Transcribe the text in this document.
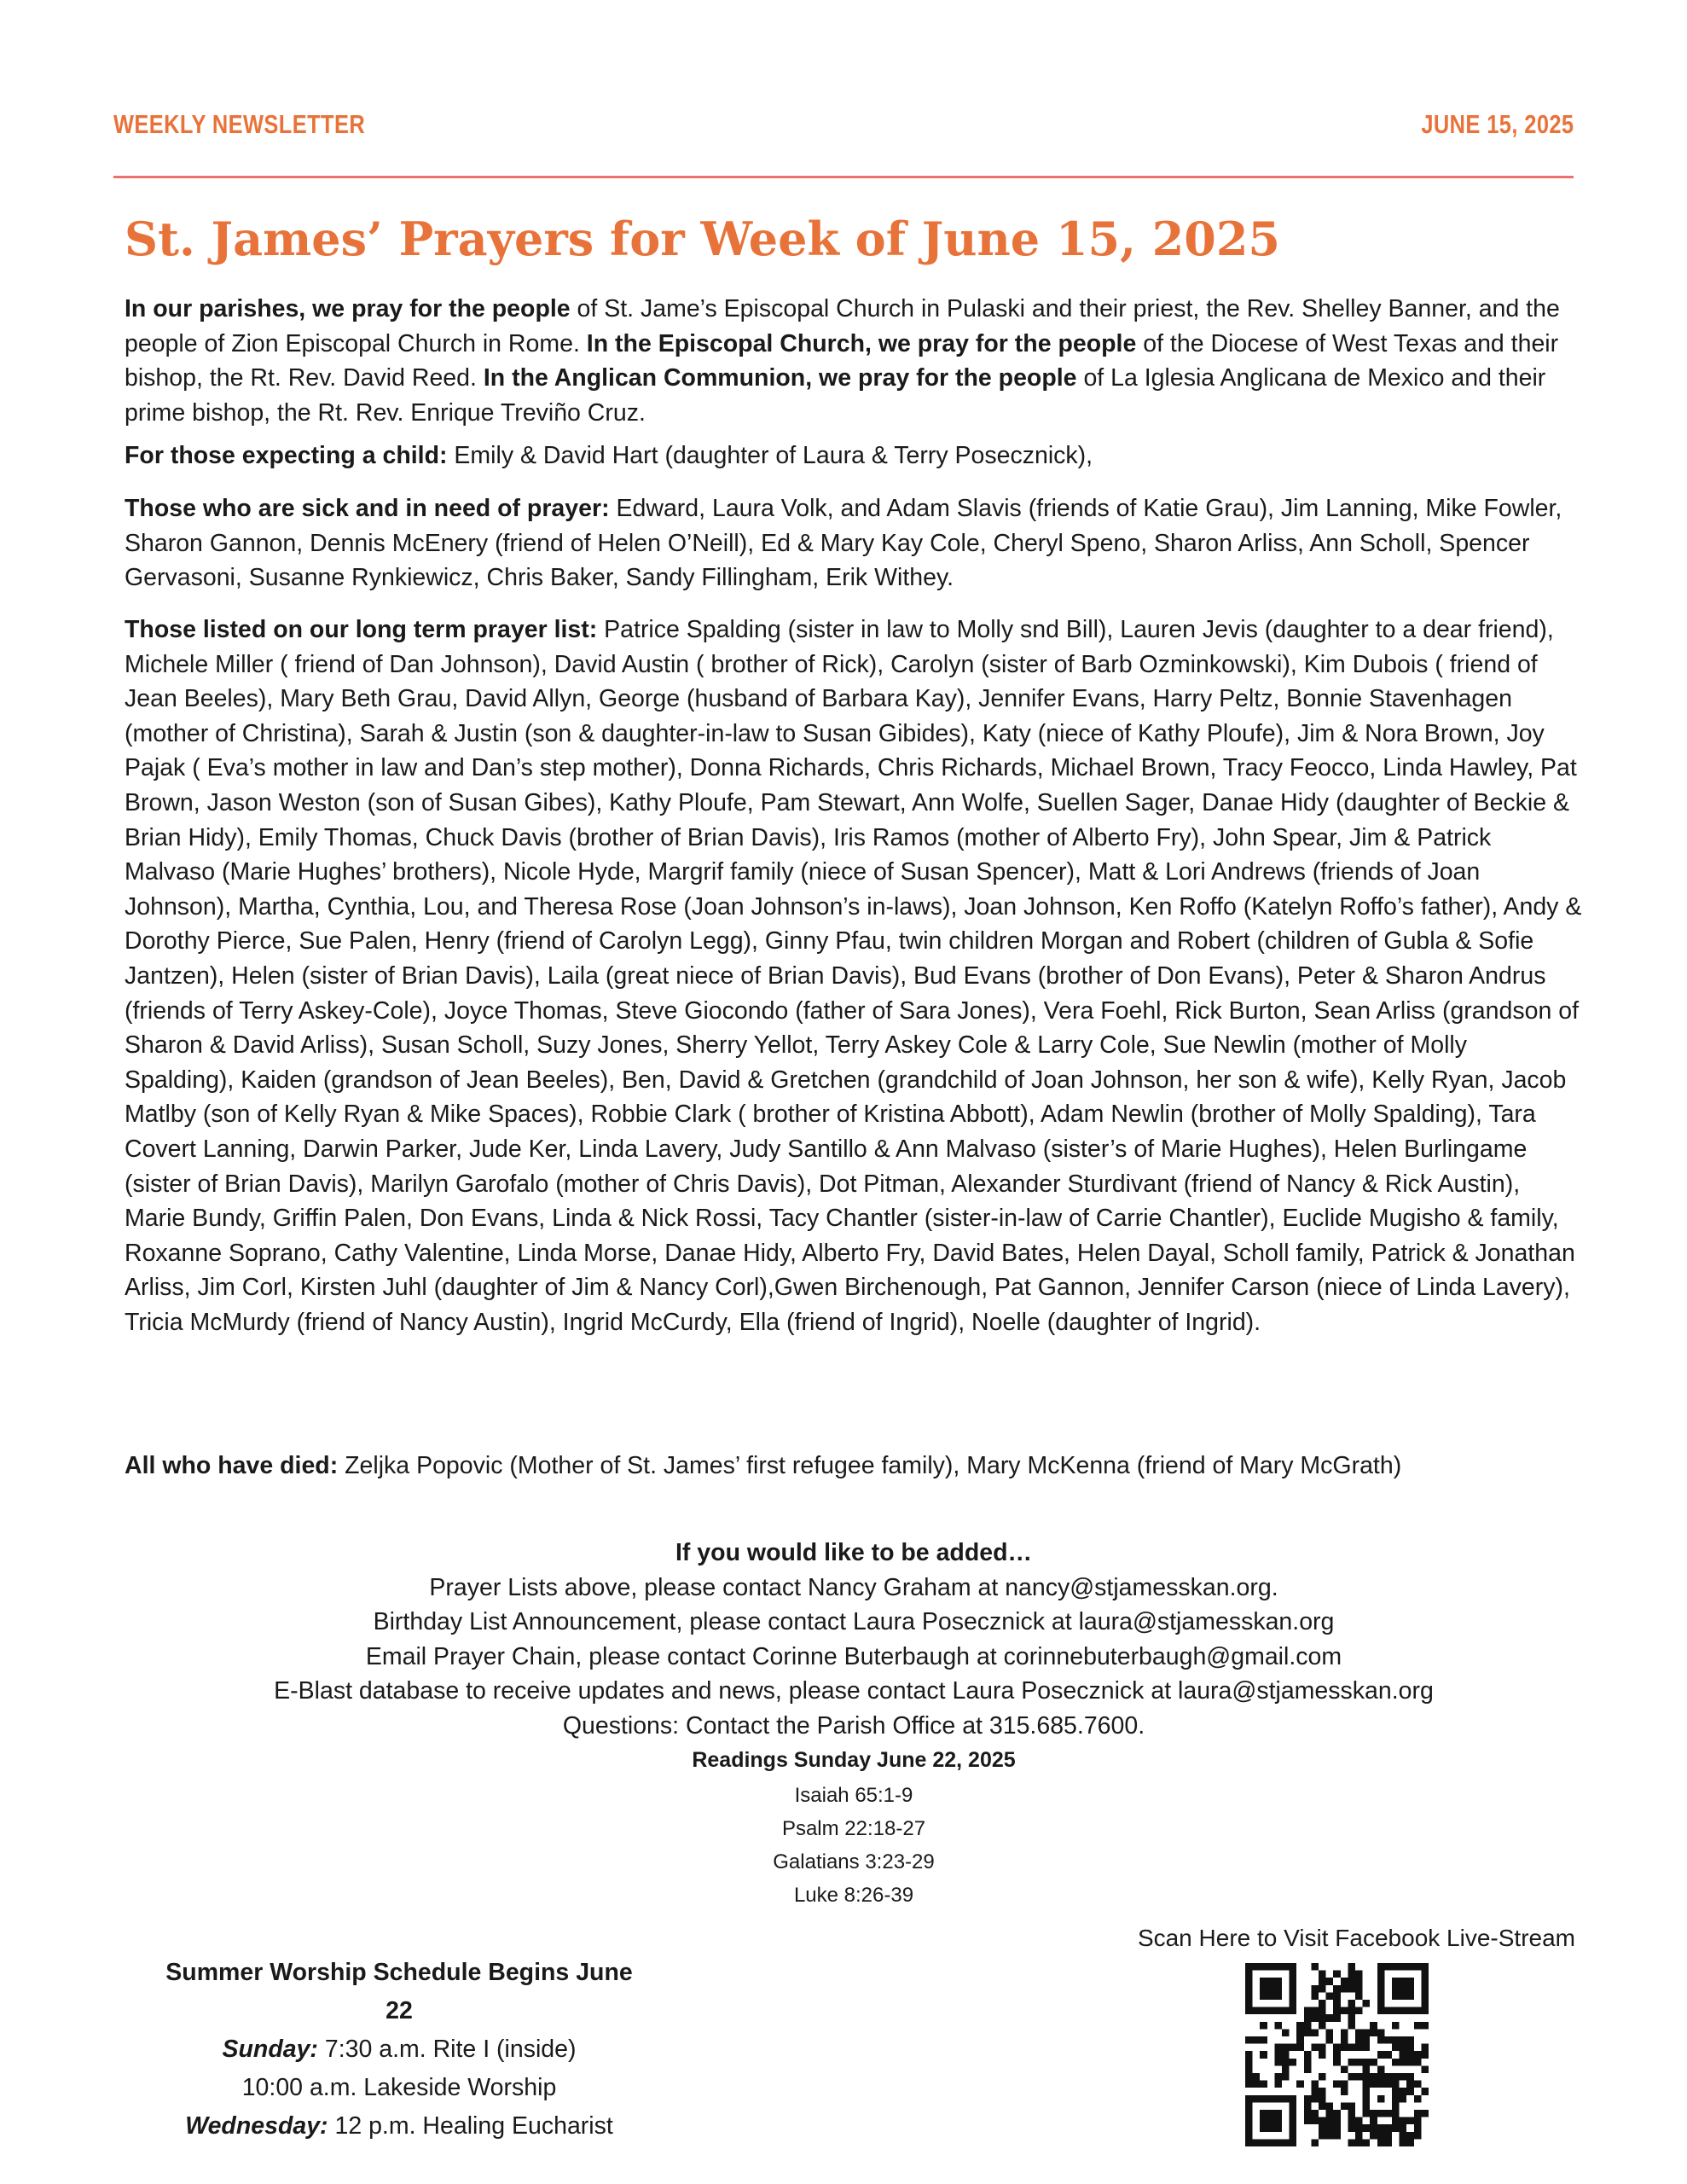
WEEKLY NEWSLETTER	JUNE 15, 2025
St. James’ Prayers for Week of June 15, 2025
In our parishes, we pray for the people of St. Jame’s Episcopal Church in Pulaski and their priest, the Rev. Shelley Banner, and the people of Zion Episcopal Church in Rome. In the Episcopal Church, we pray for the people of the Diocese of West Texas and their bishop, the Rt. Rev. David Reed. In the Anglican Communion, we pray for the people of La Iglesia Anglicana de Mexico and their prime bishop, the Rt. Rev. Enrique Treviño Cruz.
For those expecting a child: Emily & David Hart (daughter of Laura & Terry Posecznick),
Those who are sick and in need of prayer: Edward, Laura Volk, and Adam Slavis (friends of Katie Grau), Jim Lanning, Mike Fowler, Sharon Gannon, Dennis McEnery (friend of Helen O’Neill), Ed & Mary Kay Cole, Cheryl Speno, Sharon Arliss, Ann Scholl, Spencer Gervasoni, Susanne Rynkiewicz, Chris Baker, Sandy Fillingham, Erik Withey.
Those listed on our long term prayer list: Patrice Spalding (sister in law to Molly snd Bill), Lauren Jevis (daughter to a dear friend), Michele Miller ( friend of Dan Johnson), David Austin ( brother of Rick), Carolyn (sister of Barb Ozminkowski), Kim Dubois ( friend of Jean Beeles), Mary Beth Grau, David Allyn, George (husband of Barbara Kay), Jennifer Evans, Harry Peltz, Bonnie Stavenhagen (mother of Christina), Sarah & Justin (son & daughter-in-law to Susan Gibides), Katy (niece of Kathy Ploufe), Jim & Nora Brown, Joy Pajak ( Eva’s mother in law and Dan’s step mother), Donna Richards, Chris Richards, Michael Brown, Tracy Feocco, Linda Hawley, Pat Brown, Jason Weston (son of Susan Gibes), Kathy Ploufe, Pam Stewart, Ann Wolfe, Suellen Sager, Danae Hidy (daughter of Beckie & Brian Hidy), Emily Thomas, Chuck Davis (brother of Brian Davis), Iris Ramos (mother of Alberto Fry), John Spear, Jim & Patrick Malvaso (Marie Hughes’ brothers), Nicole Hyde, Margrif family (niece of Susan Spencer), Matt & Lori Andrews (friends of Joan Johnson), Martha, Cynthia, Lou, and Theresa Rose (Joan Johnson’s in-laws), Joan Johnson, Ken Roffo (Katelyn Roffo’s father), Andy & Dorothy Pierce, Sue Palen, Henry (friend of Carolyn Legg), Ginny Pfau, twin children Morgan and Robert (children of Gubla & Sofie Jantzen), Helen (sister of Brian Davis), Laila (great niece of Brian Davis), Bud Evans (brother of Don Evans), Peter & Sharon Andrus (friends of Terry Askey-Cole), Joyce Thomas, Steve Giocondo (father of Sara Jones), Vera Foehl, Rick Burton, Sean Arliss (grandson of Sharon & David Arliss), Susan Scholl, Suzy Jones, Sherry Yellot, Terry Askey Cole & Larry Cole, Sue Newlin (mother of Molly Spalding), Kaiden (grandson of Jean Beeles), Ben, David & Gretchen (grandchild of Joan Johnson, her son & wife), Kelly Ryan, Jacob Matlby (son of Kelly Ryan & Mike Spaces), Robbie Clark ( brother of Kristina Abbott), Adam Newlin (brother of Molly Spalding), Tara Covert Lanning, Darwin Parker, Jude Ker, Linda Lavery, Judy Santillo & Ann Malvaso (sister’s of Marie Hughes), Helen Burlingame (sister of Brian Davis), Marilyn Garofalo (mother of Chris Davis), Dot Pitman, Alexander Sturdivant (friend of Nancy & Rick Austin), Marie Bundy, Griffin Palen, Don Evans, Linda & Nick Rossi, Tacy Chantler (sister-in-law of Carrie Chantler), Euclide Mugisho & family, Roxanne Soprano, Cathy Valentine, Linda Morse, Danae Hidy, Alberto Fry, David Bates, Helen Dayal, Scholl family, Patrick & Jonathan Arliss, Jim Corl, Kirsten Juhl (daughter of Jim & Nancy Corl),Gwen Birchenough, Pat Gannon, Jennifer Carson (niece of Linda Lavery), Tricia McMurdy (friend of Nancy Austin), Ingrid McCurdy, Ella (friend of Ingrid), Noelle (daughter of Ingrid).
All who have died: Zeljka Popovic (Mother of St. James’ first refugee family), Mary McKenna (friend of Mary McGrath)
If you would like to be added…
Prayer Lists above, please contact Nancy Graham at nancy@stjamesskan.org.
Birthday List Announcement, please contact Laura Posecznick at laura@stjamesskan.org
Email Prayer Chain, please contact Corinne Buterbaugh at corinnebuterbaugh@gmail.com
E-Blast database to receive updates and news, please contact Laura Posecznick at laura@stjamesskan.org
Questions: Contact the Parish Office at 315.685.7600.
Readings Sunday June 22, 2025
Isaiah 65:1-9
Psalm 22:18-27
Galatians 3:23-29
Luke 8:26-39
Scan Here to Visit Facebook Live-Stream
Summer Worship Schedule Begins June 22
Sunday: 7:30 a.m. Rite I (inside)
10:00 a.m. Lakeside Worship
Wednesday: 12 p.m. Healing Eucharist
